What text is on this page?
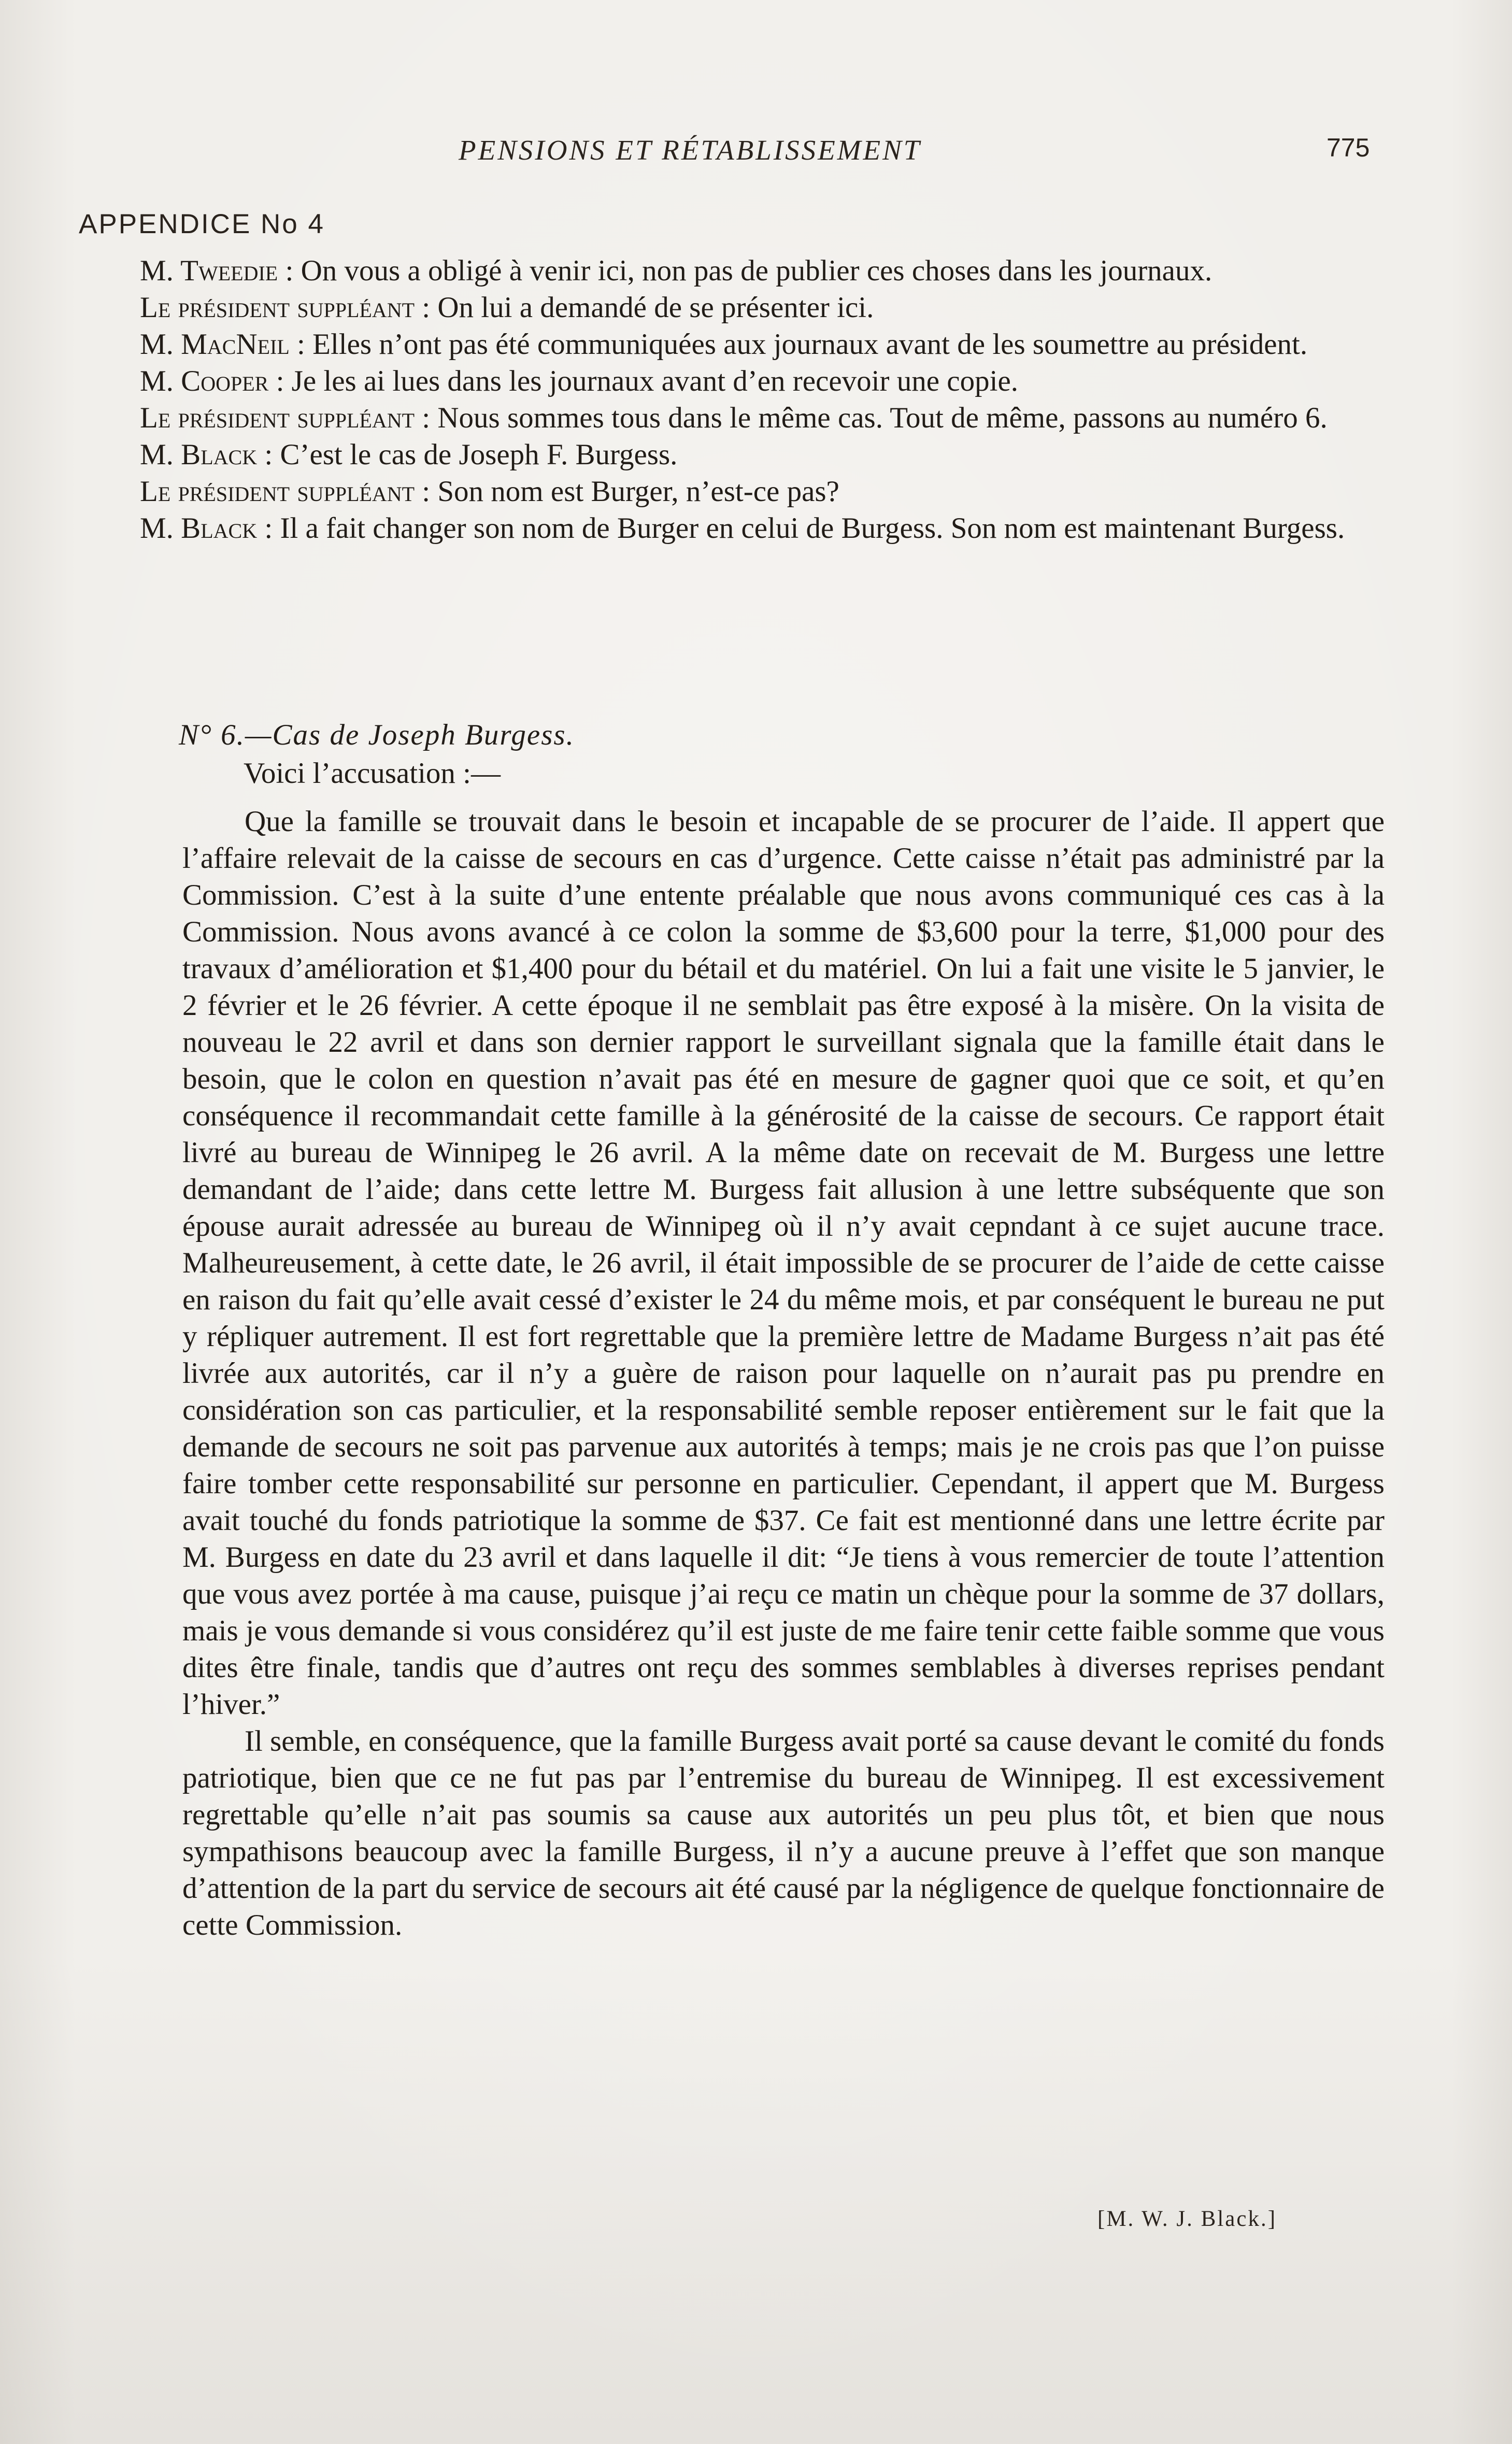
PENSIONS ET RÉTABLISSEMENT	775
APPENDICE No 4

M. Tweedie : On vous a obligé à venir ici, non pas de publier ces choses dans les journaux.

Le président suppléant : On lui a demandé de se présenter ici.

M. MacNeil : Elles n’ont pas été communiquées aux journaux avant de les soumettre au président.

M. Cooper : Je les ai lues dans les journaux avant d’en recevoir une copie.

Le président suppléant : Nous sommes tous dans le même cas. Tout de même, passons au numéro 6.

M. Black : C’est le cas de Joseph F. Burgess.

Le président suppléant : Son nom est Burger, n’est-ce pas?

M. Black : Il a fait changer son nom de Burger en celui de Burgess. Son nom est maintenant Burgess.

N° 6.—Cas de Joseph Burgess.
Voici l’accusation :—

Que la famille se trouvait dans le besoin et incapable de se procurer de l’aide. Il appert que l’affaire relevait de la caisse de secours en cas d’urgence. Cette caisse n’était pas administré par la Commission. C’est à la suite d’une entente préalable que nous avons communiqué ces cas à la Commission. Nous avons avancé à ce colon la somme de $3,600 pour la terre, $1,000 pour des travaux d’amélioration et $1,400 pour du bétail et du matériel. On lui a fait une visite le 5 janvier, le 2 février et le 26 février. A cette époque il ne semblait pas être exposé à la misère. On la visita de nouveau le 22 avril et dans son dernier rapport le surveillant signala que la famille était dans le besoin, que le colon en question n’avait pas été en mesure de gagner quoi que ce soit, et qu’en conséquence il recommandait cette famille à la générosité de la caisse de secours. Ce rapport était livré au bureau de Winnipeg le 26 avril. A la même date on recevait de M. Burgess une lettre demandant de l’aide; dans cette lettre M. Burgess fait allusion à une lettre subséquente que son épouse aurait adressée au bureau de Winnipeg où il n’y avait cepndant à ce sujet aucune trace. Malheureusement, à cette date, le 26 avril, il était impossible de se procurer de l’aide de cette caisse en raison du fait qu’elle avait cessé d’exister le 24 du même mois, et par conséquent le bureau ne put y répliquer autrement. Il est fort regrettable que la première lettre de Madame Burgess n’ait pas été livrée aux autorités, car il n’y a guère de raison pour laquelle on n’aurait pas pu prendre en considération son cas particulier, et la responsabilité semble reposer entièrement sur le fait que la demande de secours ne soit pas parvenue aux autorités à temps; mais je ne crois pas que l’on puisse faire tomber cette responsabilité sur personne en particulier. Cependant, il appert que M. Burgess avait touché du fonds patriotique la somme de $37. Ce fait est mentionné dans une lettre écrite par M. Burgess en date du 23 avril et dans laquelle il dit: “Je tiens à vous remercier de toute l’attention que vous avez portée à ma cause, puisque j’ai reçu ce matin un chèque pour la somme de 37 dollars, mais je vous demande si vous considérez qu’il est juste de me faire tenir cette faible somme que vous dites être finale, tandis que d’autres ont reçu des sommes semblables à diverses reprises pendant l’hiver.”

Il semble, en conséquence, que la famille Burgess avait porté sa cause devant le comité du fonds patriotique, bien que ce ne fut pas par l’entremise du bureau de Winnipeg. Il est excessivement regrettable qu’elle n’ait pas soumis sa cause aux autorités un peu plus tôt, et bien que nous sympathisons beaucoup avec la famille Burgess, il n’y a aucune preuve à l’effet que son manque d’attention de la part du service de secours ait été causé par la négligence de quelque fonctionnaire de cette Commission.

[M. W. J. Black.]
